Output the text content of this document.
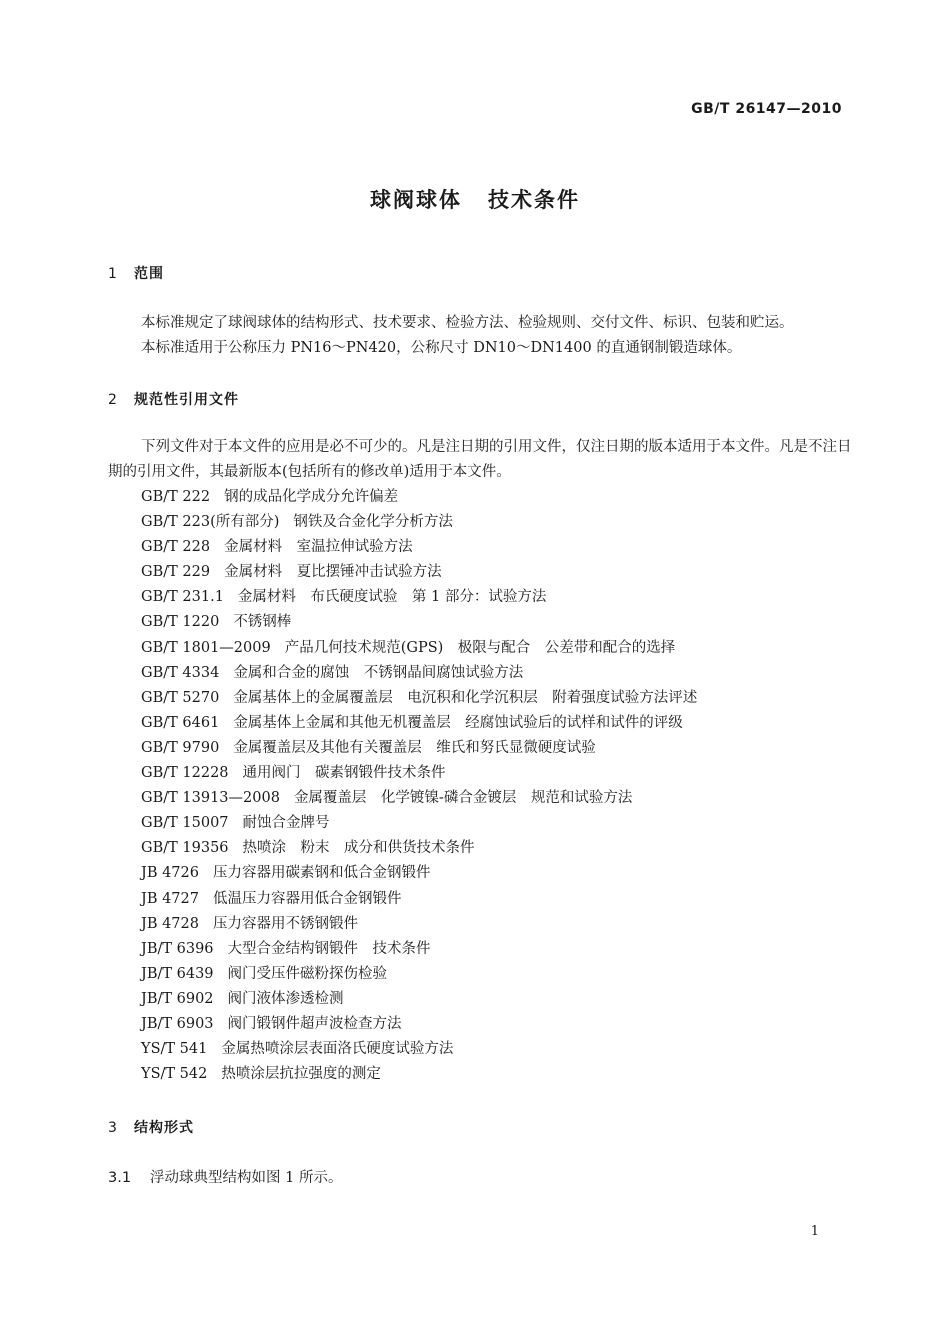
GB/T 26147—2010
球阀球体 技术条件
1 范围
本标准规定了球阀球体的结构形式、技术要求、检验方法、检验规则、交付文件、标识、包装和贮运。
本标准适用于公称压力 PN16～PN420，公称尺寸 DN10～DN1400 的直通钢制锻造球体。
2 规范性引用文件
下列文件对于本文件的应用是必不可少的。凡是注日期的引用文件，仅注日期的版本适用于本文件。凡是不注日期的引用文件，其最新版本(包括所有的修改单)适用于本文件。
GB/T 222 钢的成品化学成分允许偏差
GB/T 223(所有部分) 钢铁及合金化学分析方法
GB/T 228 金属材料　室温拉伸试验方法
GB/T 229 金属材料　夏比摆锤冲击试验方法
GB/T 231.1 金属材料　布氏硬度试验　第 1 部分：试验方法
GB/T 1220 不锈钢棒
GB/T 1801—2009 产品几何技术规范(GPS)　极限与配合　公差带和配合的选择
GB/T 4334 金属和合金的腐蚀　不锈钢晶间腐蚀试验方法
GB/T 5270 金属基体上的金属覆盖层　电沉积和化学沉积层　附着强度试验方法评述
GB/T 6461 金属基体上金属和其他无机覆盖层　经腐蚀试验后的试样和试件的评级
GB/T 9790 金属覆盖层及其他有关覆盖层　维氏和努氏显微硬度试验
GB/T 12228 通用阀门　碳素钢锻件技术条件
GB/T 13913—2008 金属覆盖层　化学镀镍-磷合金镀层　规范和试验方法
GB/T 15007 耐蚀合金牌号
GB/T 19356 热喷涂　粉末　成分和供货技术条件
JB 4726 压力容器用碳素钢和低合金钢锻件
JB 4727 低温压力容器用低合金钢锻件
JB 4728 压力容器用不锈钢锻件
JB/T 6396 大型合金结构钢锻件　技术条件
JB/T 6439 阀门受压件磁粉探伤检验
JB/T 6902 阀门液体渗透检测
JB/T 6903 阀门锻钢件超声波检查方法
YS/T 541 金属热喷涂层表面洛氏硬度试验方法
YS/T 542 热喷涂层抗拉强度的测定
3 结构形式
3.1 浮动球典型结构如图 1 所示。
1
